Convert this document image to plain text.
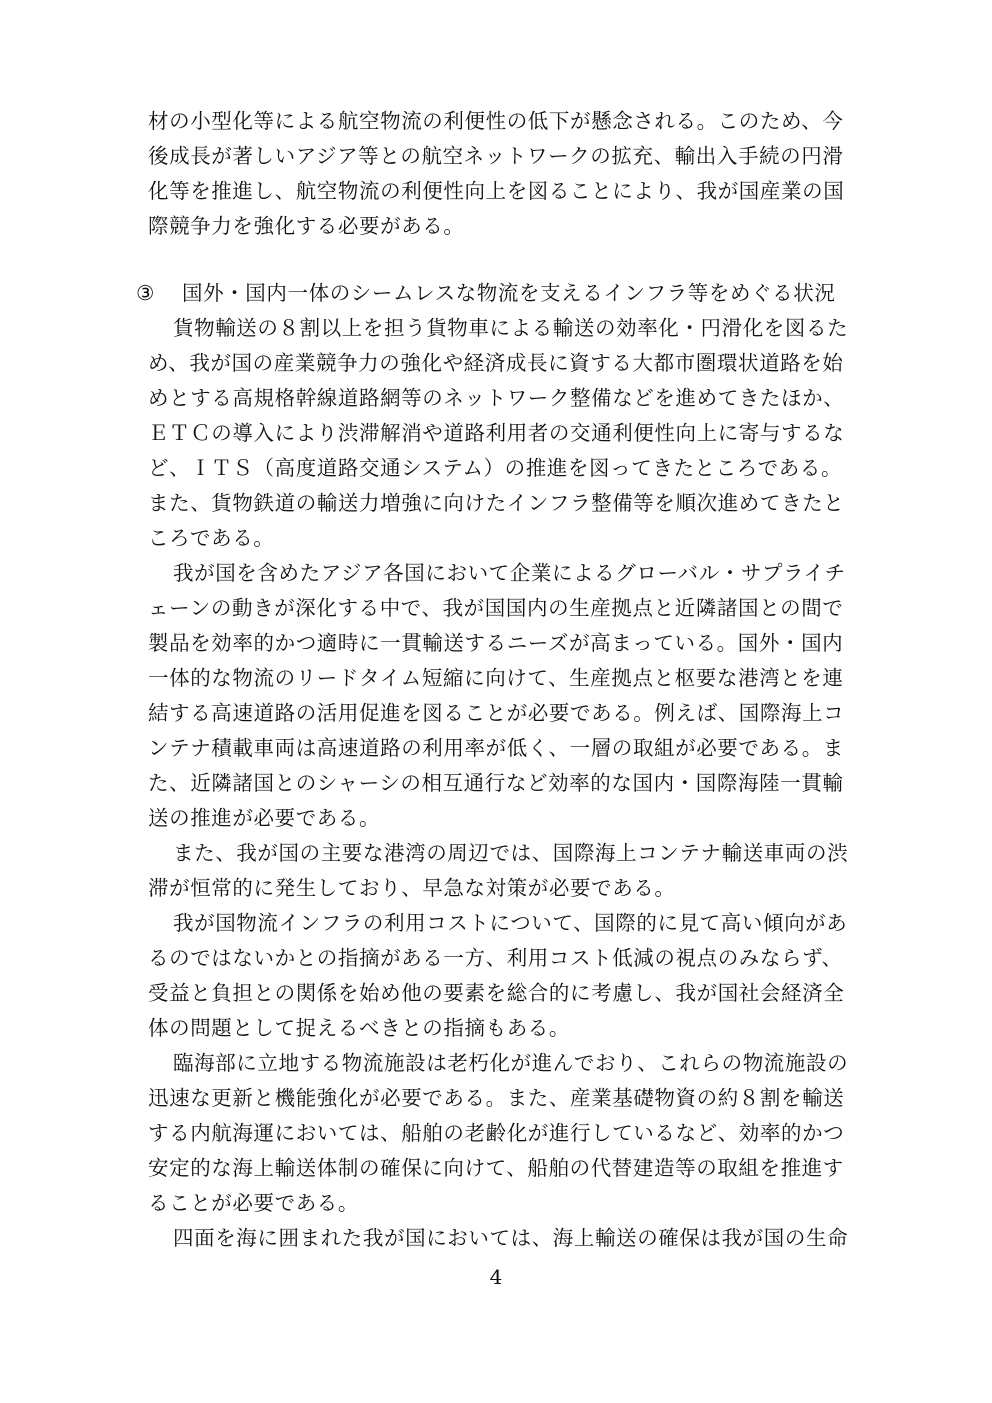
材の小型化等による航空物流の利便性の低下が懸念される。このため、今
後成長が著しいアジア等との航空ネットワークの拡充、輸出入手続の円滑
化等を推進し、航空物流の利便性向上を図ることにより、我が国産業の国
際競争力を強化する必要がある。
③ 国外・国内一体のシームレスな物流を支えるインフラ等をめぐる状況
貨物輸送の８割以上を担う貨物車による輸送の効率化・円滑化を図るた
め、我が国の産業競争力の強化や経済成長に資する大都市圏環状道路を始
めとする高規格幹線道路網等のネットワーク整備などを進めてきたほか、
ＥＴＣの導入により渋滞解消や道路利用者の交通利便性向上に寄与するな
ど、ＩＴＳ（高度道路交通システム）の推進を図ってきたところである。
また、貨物鉄道の輸送力増強に向けたインフラ整備等を順次進めてきたと
ころである。
我が国を含めたアジア各国において企業によるグローバル・サプライチ
ェーンの動きが深化する中で、我が国国内の生産拠点と近隣諸国との間で
製品を効率的かつ適時に一貫輸送するニーズが高まっている。国外・国内
一体的な物流のリードタイム短縮に向けて、生産拠点と枢要な港湾とを連
結する高速道路の活用促進を図ることが必要である。例えば、国際海上コ
ンテナ積載車両は高速道路の利用率が低く、一層の取組が必要である。ま
た、近隣諸国とのシャーシの相互通行など効率的な国内・国際海陸一貫輸
送の推進が必要である。
また、我が国の主要な港湾の周辺では、国際海上コンテナ輸送車両の渋
滞が恒常的に発生しており、早急な対策が必要である。
我が国物流インフラの利用コストについて、国際的に見て高い傾向があ
るのではないかとの指摘がある一方、利用コスト低減の視点のみならず、
受益と負担との関係を始め他の要素を総合的に考慮し、我が国社会経済全
体の問題として捉えるべきとの指摘もある。
臨海部に立地する物流施設は老朽化が進んでおり、これらの物流施設の
迅速な更新と機能強化が必要である。また、産業基礎物資の約８割を輸送
する内航海運においては、船舶の老齢化が進行しているなど、効率的かつ
安定的な海上輸送体制の確保に向けて、船舶の代替建造等の取組を推進す
ることが必要である。
四面を海に囲まれた我が国においては、海上輸送の確保は我が国の生命
4
